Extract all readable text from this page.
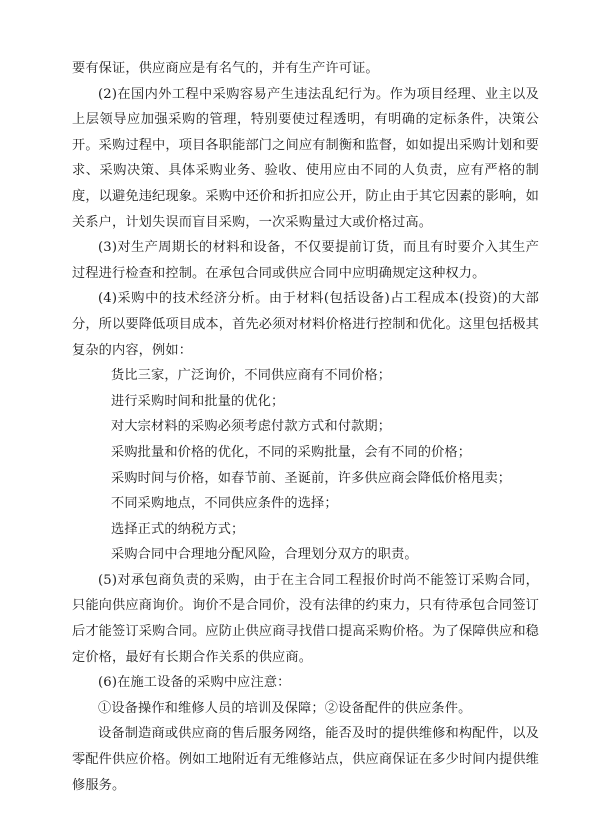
要有保证，供应商应是有名气的，并有生产许可证。

(2)在国内外工程中采购容易产生违法乱纪行为。作为项目经理、业主以及上层领导应加强采购的管理，特别要使过程透明，有明确的定标条件，决策公开。采购过程中，项目各职能部门之间应有制衡和监督，如如提出采购计划和要求、采购决策、具体采购业务、验收、使用应由不同的人负责，应有严格的制度，以避免违纪现象。采购中还价和折扣应公开，防止由于其它因素的影响，如关系户，计划失误而盲目采购，一次采购量过大或价格过高。

(3)对生产周期长的材料和设备，不仅要提前订货，而且有时要介入其生产过程进行检查和控制。在承包合同或供应合同中应明确规定这种权力。

(4)采购中的技术经济分析。由于材料(包括设备)占工程成本(投资)的大部分，所以要降低项目成本，首先必须对材料价格进行控制和优化。这里包括极其复杂的内容，例如：

货比三家，广泛询价，不同供应商有不同价格；

进行采购时间和批量的优化；

对大宗材料的采购必须考虑付款方式和付款期；

采购批量和价格的优化，不同的采购批量，会有不同的价格；

采购时间与价格，如春节前、圣诞前，许多供应商会降低价格甩卖；

不同采购地点，不同供应条件的选择；

选择正式的纳税方式；

采购合同中合理地分配风险，合理划分双方的职责。

(5)对承包商负责的采购，由于在主合同工程报价时尚不能签订采购合同，只能向供应商询价。询价不是合同价，没有法律的约束力，只有待承包合同签订后才能签订采购合同。应防止供应商寻找借口提高采购价格。为了保障供应和稳定价格，最好有长期合作关系的供应商。

(6)在施工设备的采购中应注意：

①设备操作和维修人员的培训及保障；②设备配件的供应条件。

设备制造商或供应商的售后服务网络，能否及时的提供维修和构配件，以及零配件供应价格。例如工地附近有无维修站点，供应商保证在多少时间内提供维修服务。
